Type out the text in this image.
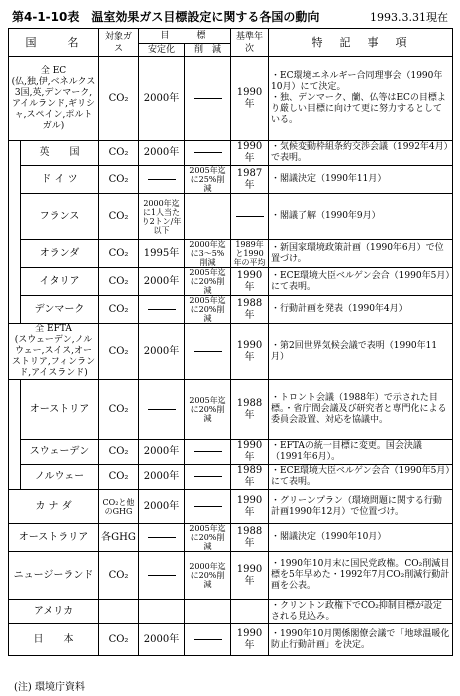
第4-1-10表　温室効果ガス目標設定に関する各国の動向	1993.3.31現在
国　　名		対象ガス	目　　標		基準年次	特　記　事　項
			安定化	削　減		
全 EC
(仏,独,伊,ベネルクス3国,英,デンマーク,アイルランド,ギリシャ,スペイン,ポルトガル)		CO₂	2000年		1990年	・EC環境エネルギー合同理事会（1990年10月）にて決定。
・独、デンマーク、蘭、仏等はECの目標より厳しい目標に向けて更に努力するとしている。
	英　　国	CO₂	2000年		1990年	・気候変動枠組条約交渉会議（1992年4月）で表明。
	ド イ ツ	CO₂		2005年迄に25%削減	1987年	・閣議決定（1990年11月）
	フランス	CO₂	2000年迄に1人当たり2トン/年以下			・閣議了解（1990年9月）
	オランダ	CO₂	1995年	2000年迄に3～5%削減	1989年と1990年の平均	・新国家環境政策計画（1990年6月）で位置づけ。
	イタリア	CO₂	2000年	2005年迄に20%削減	1990年	・ECE環境大臣ベルゲン会合（1990年5月）にて表明。
	デンマーク	CO₂		2005年迄に20%削減	1988年	・行動計画を発表（1990年4月）
全 EFTA
(スウェーデン,ノルウェー,スイス,オーストリア,フィンランド,アイスランド)		CO₂	2000年		1990年	・第2回世界気候会議で表明（1990年11月）
	オーストリア	CO₂		2005年迄に20%削減	1988年	・トロント会議（1988年）で示された目標。・省庁間会議及び研究者と専門化による委員会設置、対応を協議中。
	スウェーデン	CO₂	2000年		1990年	・EFTAの統一目標に変更。国会決議（1991年6月）。
	ノルウェー	CO₂	2000年		1989年	・ECE環境大臣ベルゲン会合（1990年5月）にて表明。
カ ナ ダ		CO₂と他のGHG	2000年		1990年	・グリーンプラン（環境問題に関する行動計画1990年12月）で位置づけ。
オーストラリア		各GHG		2005年迄に20%削減	1988年	・閣議決定（1990年10月）
ニュージーランド		CO₂		2000年迄に20%削減	1990年	・1990年10月末に国民党政権。CO₂削減目標を5年早めた・1992年7月CO₂削減行動計画を公表。
アメリカ						・クリントン政権下でCO₂抑制目標が設定される見込み。
日　　本		CO₂	2000年		1990年	・1990年10月関係閣僚会議で「地球温暖化防止行動計画」を決定。
(注) 環境庁資料
